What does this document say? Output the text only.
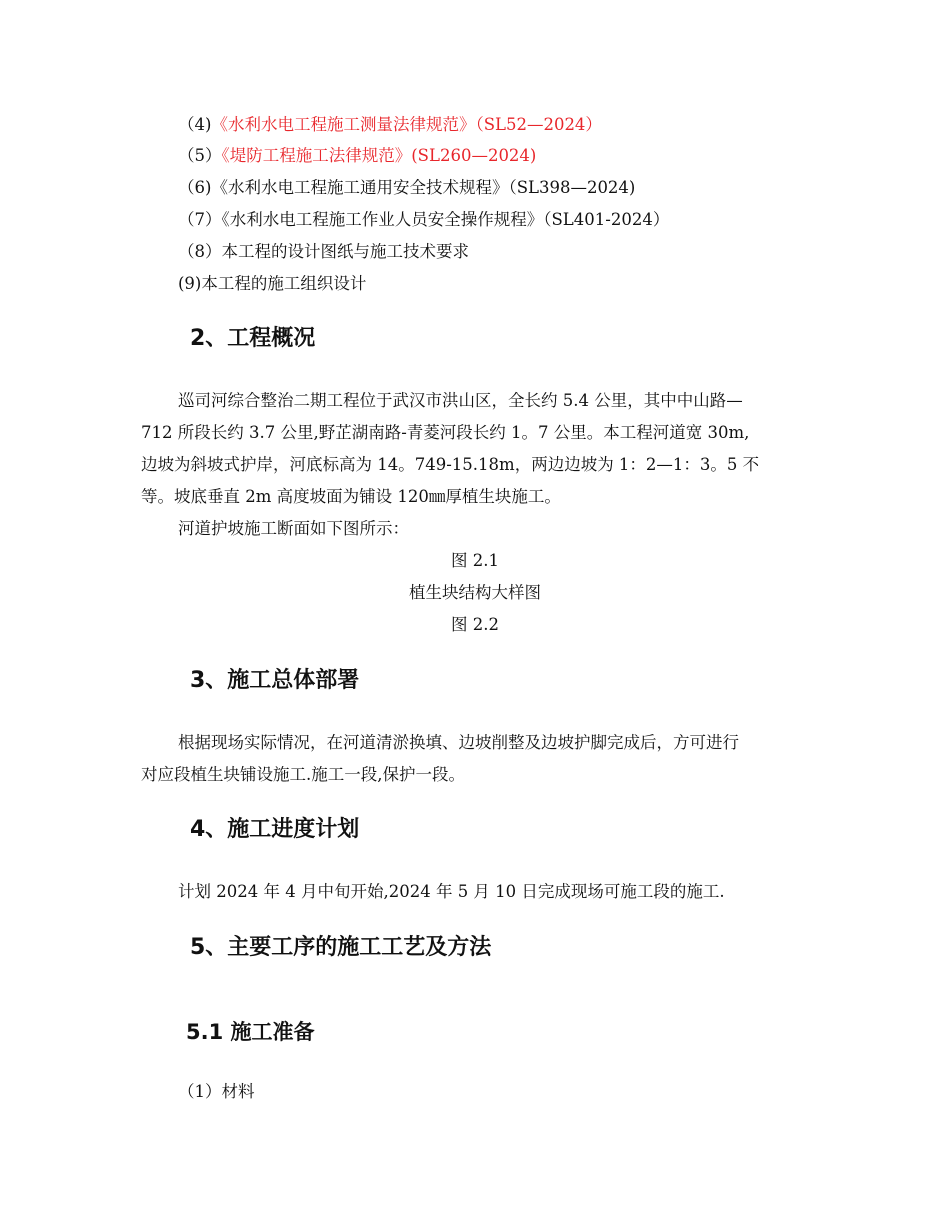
（4)《水利水电工程施工测量法律规范》（SL52—2024）
（5）《堤防工程施工法律规范》(SL260—2024)
（6)《水利水电工程施工通用安全技术规程》（SL398—2024)
（7）《水利水电工程施工作业人员安全操作规程》（SL401-2024）
（8）本工程的设计图纸与施工技术要求
(9)本工程的施工组织设计
2、工程概况
巡司河综合整治二期工程位于武汉市洪山区，全长约 5.4 公里，其中中山路—
712 所段长约 3.7 公里,野芷湖南路-青菱河段长约 1。7 公里。本工程河道宽 30m,
边坡为斜坡式护岸，河底标高为 14。749-15.18m，两边边坡为 1：2—1：3。5 不
等。坡底垂直 2m 高度坡面为铺设 120㎜厚植生块施工。
河道护坡施工断面如下图所示：
图 2.1
植生块结构大样图
图 2.2
3、施工总体部署
根据现场实际情况，在河道清淤换填、边坡削整及边坡护脚完成后，方可进行
对应段植生块铺设施工.施工一段,保护一段。
4、施工进度计划
计划 2024 年 4 月中旬开始,2024 年 5 月 10 日完成现场可施工段的施工.
5、主要工序的施工工艺及方法
5.1 施工准备
（1）材料
